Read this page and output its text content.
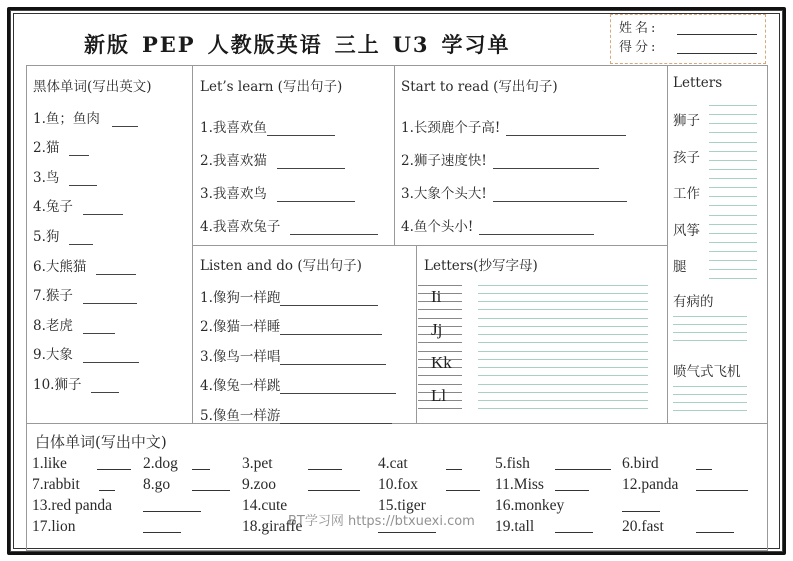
新版 PEP 人教版英语 三上 U3 学习单
姓名:
得分:
黑体单词(写出英文)
1.鱼；鱼肉
2.猫
3.鸟
4.兔子
5.狗
6.大熊猫
7.猴子
8.老虎
9.大象
10.狮子
Let’s learn (写出句子)
1.我喜欢鱼
2.我喜欢猫
3.我喜欢鸟
4.我喜欢兔子
Start to read (写出句子)
1.长颈鹿个子高!
2.狮子速度快!
3.大象个头大!
4.鱼个头小!
Letters
狮子
孩子
工作
风筝
腿
有病的
喷气式飞机
Listen and do (写出句子)
1.像狗一样跑
2.像猫一样睡
3.像鸟一样唱
4.像兔一样跳
5.像鱼一样游
Letters(抄写字母)
Ii
Jj
Kk
Ll
白体单词(写出中文)
1.like	2.dog	3.pet	4.cat	5.fish	6.bird
7.rabbit	8.go	9.zoo	10.fox	11.Miss	12.panda
13.red panda	14.cute	15.tiger	16.monkey
17.lion	18.giraffe	19.tall	20.fast
BT学习网 https://btxuexi.com
